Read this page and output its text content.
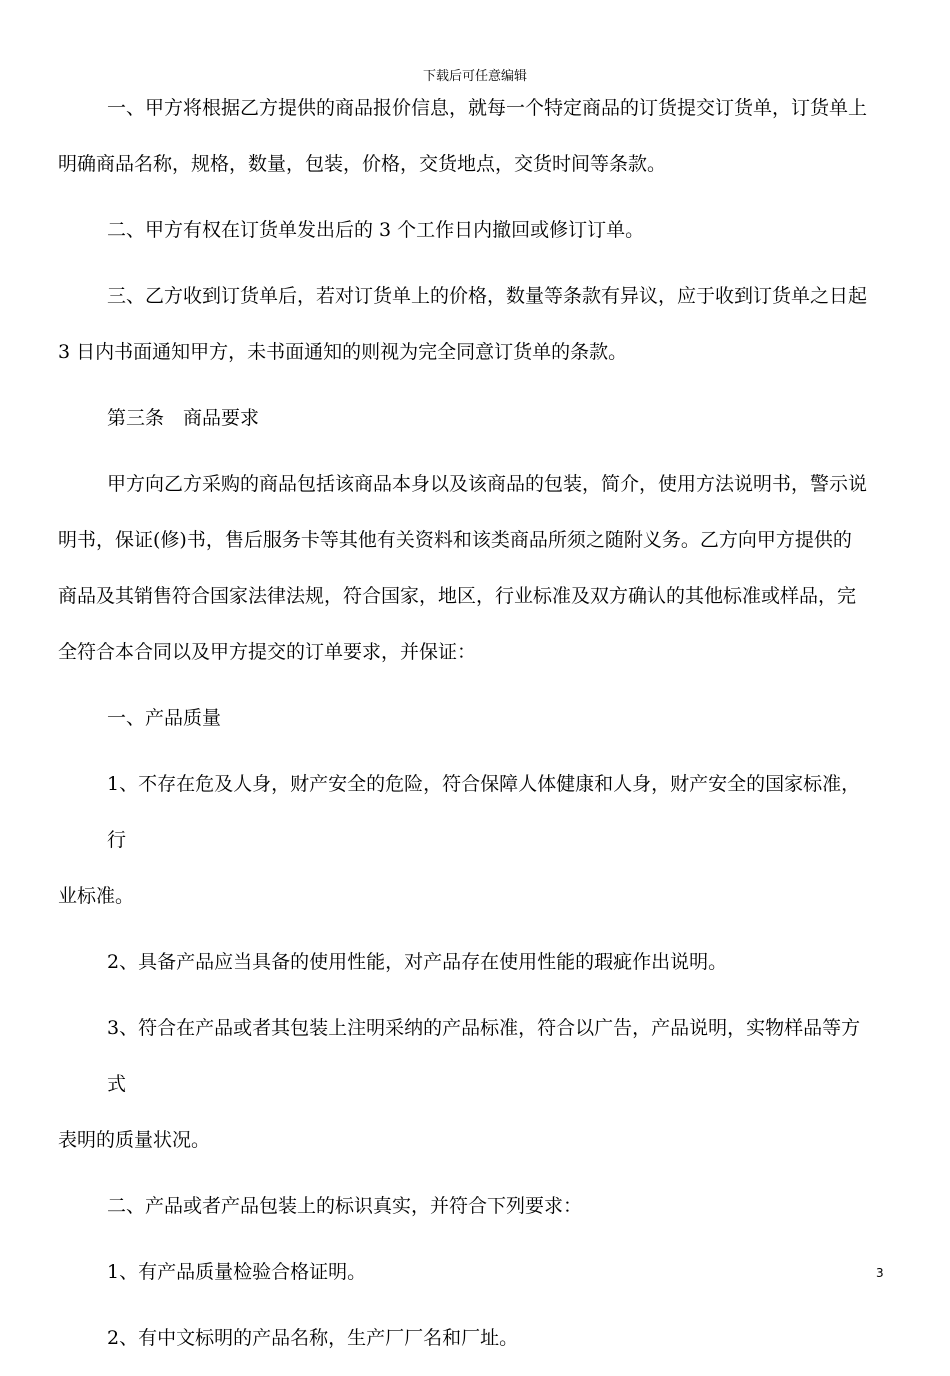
下载后可任意编辑
一、甲方将根据乙方提供的商品报价信息，就每一个特定商品的订货提交订货单，订货单上
明确商品名称，规格，数量，包装，价格，交货地点，交货时间等条款。
二、甲方有权在订货单发出后的 3 个工作日内撤回或修订订单。
三、乙方收到订货单后，若对订货单上的价格，数量等条款有异议，应于收到订货单之日起
3 日内书面通知甲方，未书面通知的则视为完全同意订货单的条款。
第三条　商品要求
甲方向乙方采购的商品包括该商品本身以及该商品的包装，简介，使用方法说明书，警示说
明书，保证(修)书，售后服务卡等其他有关资料和该类商品所须之随附义务。乙方向甲方提供的
商品及其销售符合国家法律法规，符合国家，地区，行业标准及双方确认的其他标准或样品，完
全符合本合同以及甲方提交的订单要求，并保证：
一、产品质量
1、不存在危及人身，财产安全的危险，符合保障人体健康和人身，财产安全的国家标准，行
业标准。
2、具备产品应当具备的使用性能，对产品存在使用性能的瑕疵作出说明。
3、符合在产品或者其包装上注明采纳的产品标准，符合以广告，产品说明，实物样品等方式
表明的质量状况。
二、产品或者产品包装上的标识真实，并符合下列要求：
1、有产品质量检验合格证明。
2、有中文标明的产品名称，生产厂厂名和厂址。
3
